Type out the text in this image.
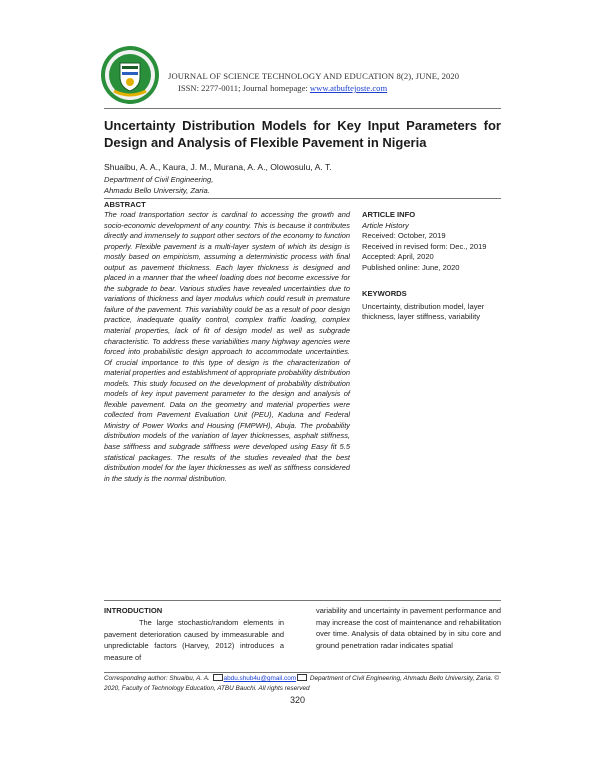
JOURNAL OF SCIENCE TECHNOLOGY AND EDUCATION 8(2), JUNE, 2020
ISSN: 2277-0011; Journal homepage: www.atbuftejoste.com
Uncertainty Distribution Models for Key Input Parameters for Design and Analysis of Flexible Pavement in Nigeria
Shuaibu, A. A., Kaura, J. M., Murana, A. A., Olowosulu, A. T.
Department of Civil Engineering,
Ahmadu Bello University, Zaria.
ABSTRACT
The road transportation sector is cardinal to accessing the growth and socio-economic development of any country. This is because it contributes directly and immensely to support other sectors of the economy to function properly. Flexible pavement is a multi-layer system of which its design is mostly based on empiricism, assuming a deterministic process with final output as pavement thickness. Each layer thickness is designed and placed in a manner that the wheel loading does not become excessive for the subgrade to bear. Various studies have revealed uncertainties due to variations of thickness and layer modulus which could result in premature failure of the pavement. This variability could be as a result of poor design practice, inadequate quality control, complex traffic loading, complex material properties, lack of fit of design model as well as subgrade characteristic. To address these variabilities many highway agencies were forced into probabilistic design approach to accommodate uncertainties. Of crucial importance to this type of design is the characterization of material properties and establishment of appropriate probability distribution models. This study focused on the development of probability distribution models of key input pavement parameter to the design and analysis of flexible pavement. Data on the geometry and material properties were collected from Pavement Evaluation Unit (PEU), Kaduna and Federal Ministry of Power Works and Housing (FMPWH), Abuja. The probability distribution models of the variation of layer thicknesses, asphalt stiffness, base stiffness and subgrade stiffness were developed using Easy fit 5.5 statistical packages. The results of the studies revealed that the best distribution model for the layer thicknesses as well as stiffness considered in the study is the normal distribution.
ARTICLE INFO
Article History
Received: October, 2019
Received in revised form: Dec., 2019
Accepted: April, 2020
Published online: June, 2020
KEYWORDS
Uncertainty, distribution model, layer thickness, layer stiffness, variability
INTRODUCTION
The large stochastic/random elements in pavement deterioration caused by immeasurable and unpredictable factors (Harvey, 2012) introduces a measure of
variability and uncertainty in pavement performance and may increase the cost of maintenance and rehabilitation over time. Analysis of data obtained by in situ core and ground penetration radar indicates spatial
Corresponding author: Shuaibu, A. A. abdu.shub4u@gmail.com Department of Civil Engineering, Ahmadu Bello University, Zaria. © 2020, Faculty of Technology Education, ATBU Bauchi. All rights reserved
320
